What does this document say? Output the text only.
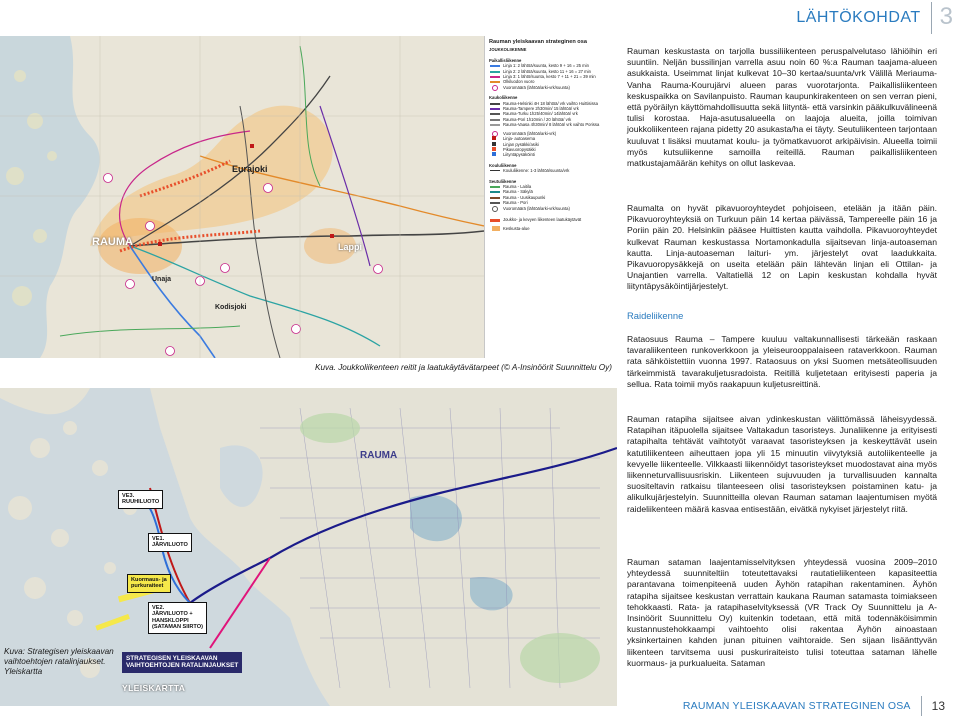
LÄHTÖKOHDAT 3
RAUMA
Eurajoki
Lappi
Kodisjoki
Unaja
Rauman yleiskaavan strateginen osa
JOUKKOLIIKENNE
Paikallisliikenne
Linja 1: 2 lähtöä/suunta, kesto 9 + 16 = 25 min
Linja 2: 2 lähtöä/suunta, kesto 11 + 16 = 27 min
Linja 3: 1 lähtö/suunta, kesto 7 + 11 + 21 = 39 min
Olkiluodon vuoro
Vuoromäärä (lähtöä/arki-vrk/suunta)
Kaukoliikenne
Rauma-Helsinki 4H 18 lähtöä/ vrk vaihto Huittisissa
Rauma-Tampere 2h30min/ 15 lähtöä/ vrk
Rauma-Turku 1h25/40min/ 14lähtöä/ vrk
Rauma-Pori 1h10min / 20 lähtöä/ vrk
Rauma-Vaasa 4h30min/ 8 lähtöä/ vrk vaihto Porissa
Vuoromäärä (lähtöä/arki-vrk)
Linja- autoasema
Linjan pysäkki/asiki
Pikavuoropysäkki
Liityntäpysäköinti
Koululiikenne
Koululiikenne: 1-3 lähtöä/suunta/vrk
Seutuliikenne
Rauma - Laitila
Rauma - Säkylä
Rauma - Uusikaupunki
Rauma - Pori
Vuoromäärä (lähtöä/arki-vrk/suunta)
Joukko- ja kevyen liikenteen laatukäytävät
Keskusta-alue
Kuva. Joukkoliikenteen reitit ja laatukäytävätarpeet (© A-Insinöörit Suunnittelu Oy)
RAUMA
VE3.
RUUHILUOTO
VE1.
JÄRVILUOTO
Kuormaus- ja
purkuraiteet
VE2.
JÄRVILUOTO +
HANSKLOPPI
(SATAMAN SIIRTO)
STRATEGISEN YLEISKAAVAN
VAIHTOEHTOJEN RATALINJAUKSET
YLEISKARTTA
Kuva: Strategisen yleiskaavan vaihtoehtojen ratalinjaukset. Yleiskartta

Rauman keskustasta on tarjolla bussiliikenteen peruspalvelutaso lähiöihin eri suuntiin. Neljän bussilinjan varrella asuu noin 60 %:a Rauman taajama-alueen asukkaista. Useimmat linjat kulkevat 10–30 kertaa/suunta/vrk Välillä Meriauma-Vanha Rauma-Kourujärvi alueen paras vuorotarjonta. Paikallisliikenteen keskuspaikka on Savilanpuisto. Rauman kaupunkirakenteen on sen verran pieni, että pyöräilyn käyttömahdollisuutta sekä liityntä- että varsinkin pääkulkuvälineenä tulisi korostaa. Haja-asutusalueella on laajoja alueita, joilla toimivan joukkoliikenteen rajana pidetty 20 asukasta/ha ei täyty. Seutuliikenteen tarjontaan kuuluvat t lisäksi muutamat koulu- ja työmatkavuorot arkipäivisin. Alueella toimii myös kutsuliikenne samoilla reiteillä. Rauman paikallisliikenteen matkustajamäärän kehitys on ollut laskevaa.

Raumalta on hyvät pikavuoroyhteydet pohjoiseen, etelään ja itään päin. Pikavuoroyhteyksiä on Turkuun päin 14 kertaa päivässä, Tampereelle päin 16 ja Poriin päin 20. Helsinkiin pääsee Huittisten kautta vaihdolla. Pikavuoroyhteydet kulkevat Rauman keskustassa Nortamonkadulla sijaitsevan linja-autoaseman kautta. Linja-autoaseman laituri- ym. järjestelyt ovat laadukkaita. Pikavuoropysäkkejä on useita etelään päin lähtevän linjan eli Ottilan- ja Unajantien varrella. Valtatiellä 12 on Lapin keskustan kohdalla hyvät liityntäpysäköintijärjestelyt.

Raideliikenne

Rataosuus Rauma – Tampere kuuluu valtakunnallisesti tärkeään raskaan tavaraliikenteen runkoverkkoon ja yleiseurooppalaiseen rataverkkoon. Rauman rata sähköistettiin vuonna 1997. Rataosuus on yksi Suomen metsäteollisuuden tärkeimmistä tavarakuljetusradoista. Reitillä kuljetetaan erityisesti paperia ja selluа. Rata toimii myös raakapuun kuljetusreittinä.

Rauman ratapiha sijaitsee aivan ydinkeskustan välittömässä läheisyydessä. Ratapihan itäpuolella sijaitsee Valtakadun tasoristeys. Junaliikenne ja erityisesti ratapihalta tehtävät vaihtotyöt varaavat tasoristeyksen ja keskeyttävät usein katutiliikenteen aiheuttaen jopa yli 15 minuutin viivytyksiä autoliikenteelle ja kevyelle liikenteelle. Vilkkaasti liikennöidyt tasoristeykset muodostavat aina myös liikenneturvallisuusriskin. Liikenteen sujuvuuden ja turvallisuuden kannalta suositeltavin ratkaisu tilanteeseen olisi tasoristeyksen poistaminen katu- ja alikulkujärjestelyin. Suunnitteilla olevan Rauman sataman laajentumisen myötä raideliikenteen määrä kasvaa entisestään, eivätkä nykyiset järjestelyt riitä.

Rauman sataman laajentamisselvityksen yhteydessä vuosina 2009–2010 yhteydessä suunniteltiin toteutettavaksi rautatieliikenteen kapasiteettia parantavana toimenpiteenä uuden Äyhön ratapihan rakentaminen. Äyhön ratapiha sijaitsee keskustan verrattain kaukana Rauman satamasta toimiakseen tehokkaasti. Rata- ja ratapihaselvityksessä (VR Track Oy Suunnittelu ja A-Insinöörit Suunnittelu Oy) kuitenkin todetaan, että mitä todennäköisimmin kustannustehokkaampi vaihtoehto olisi rakentaa Äyhön ainoastaan yksinkertainen kahden junan pituinen vaihtoraide. Sen sijaan lisäänttyvän liikenteen tarvitsema uusi puskuriraiteisto tulisi toteuttaa sataman lähelle kuormaus- ja purkualueita. Sataman

RAUMAN YLEISKAAVAN STRATEGINEN OSA 13
